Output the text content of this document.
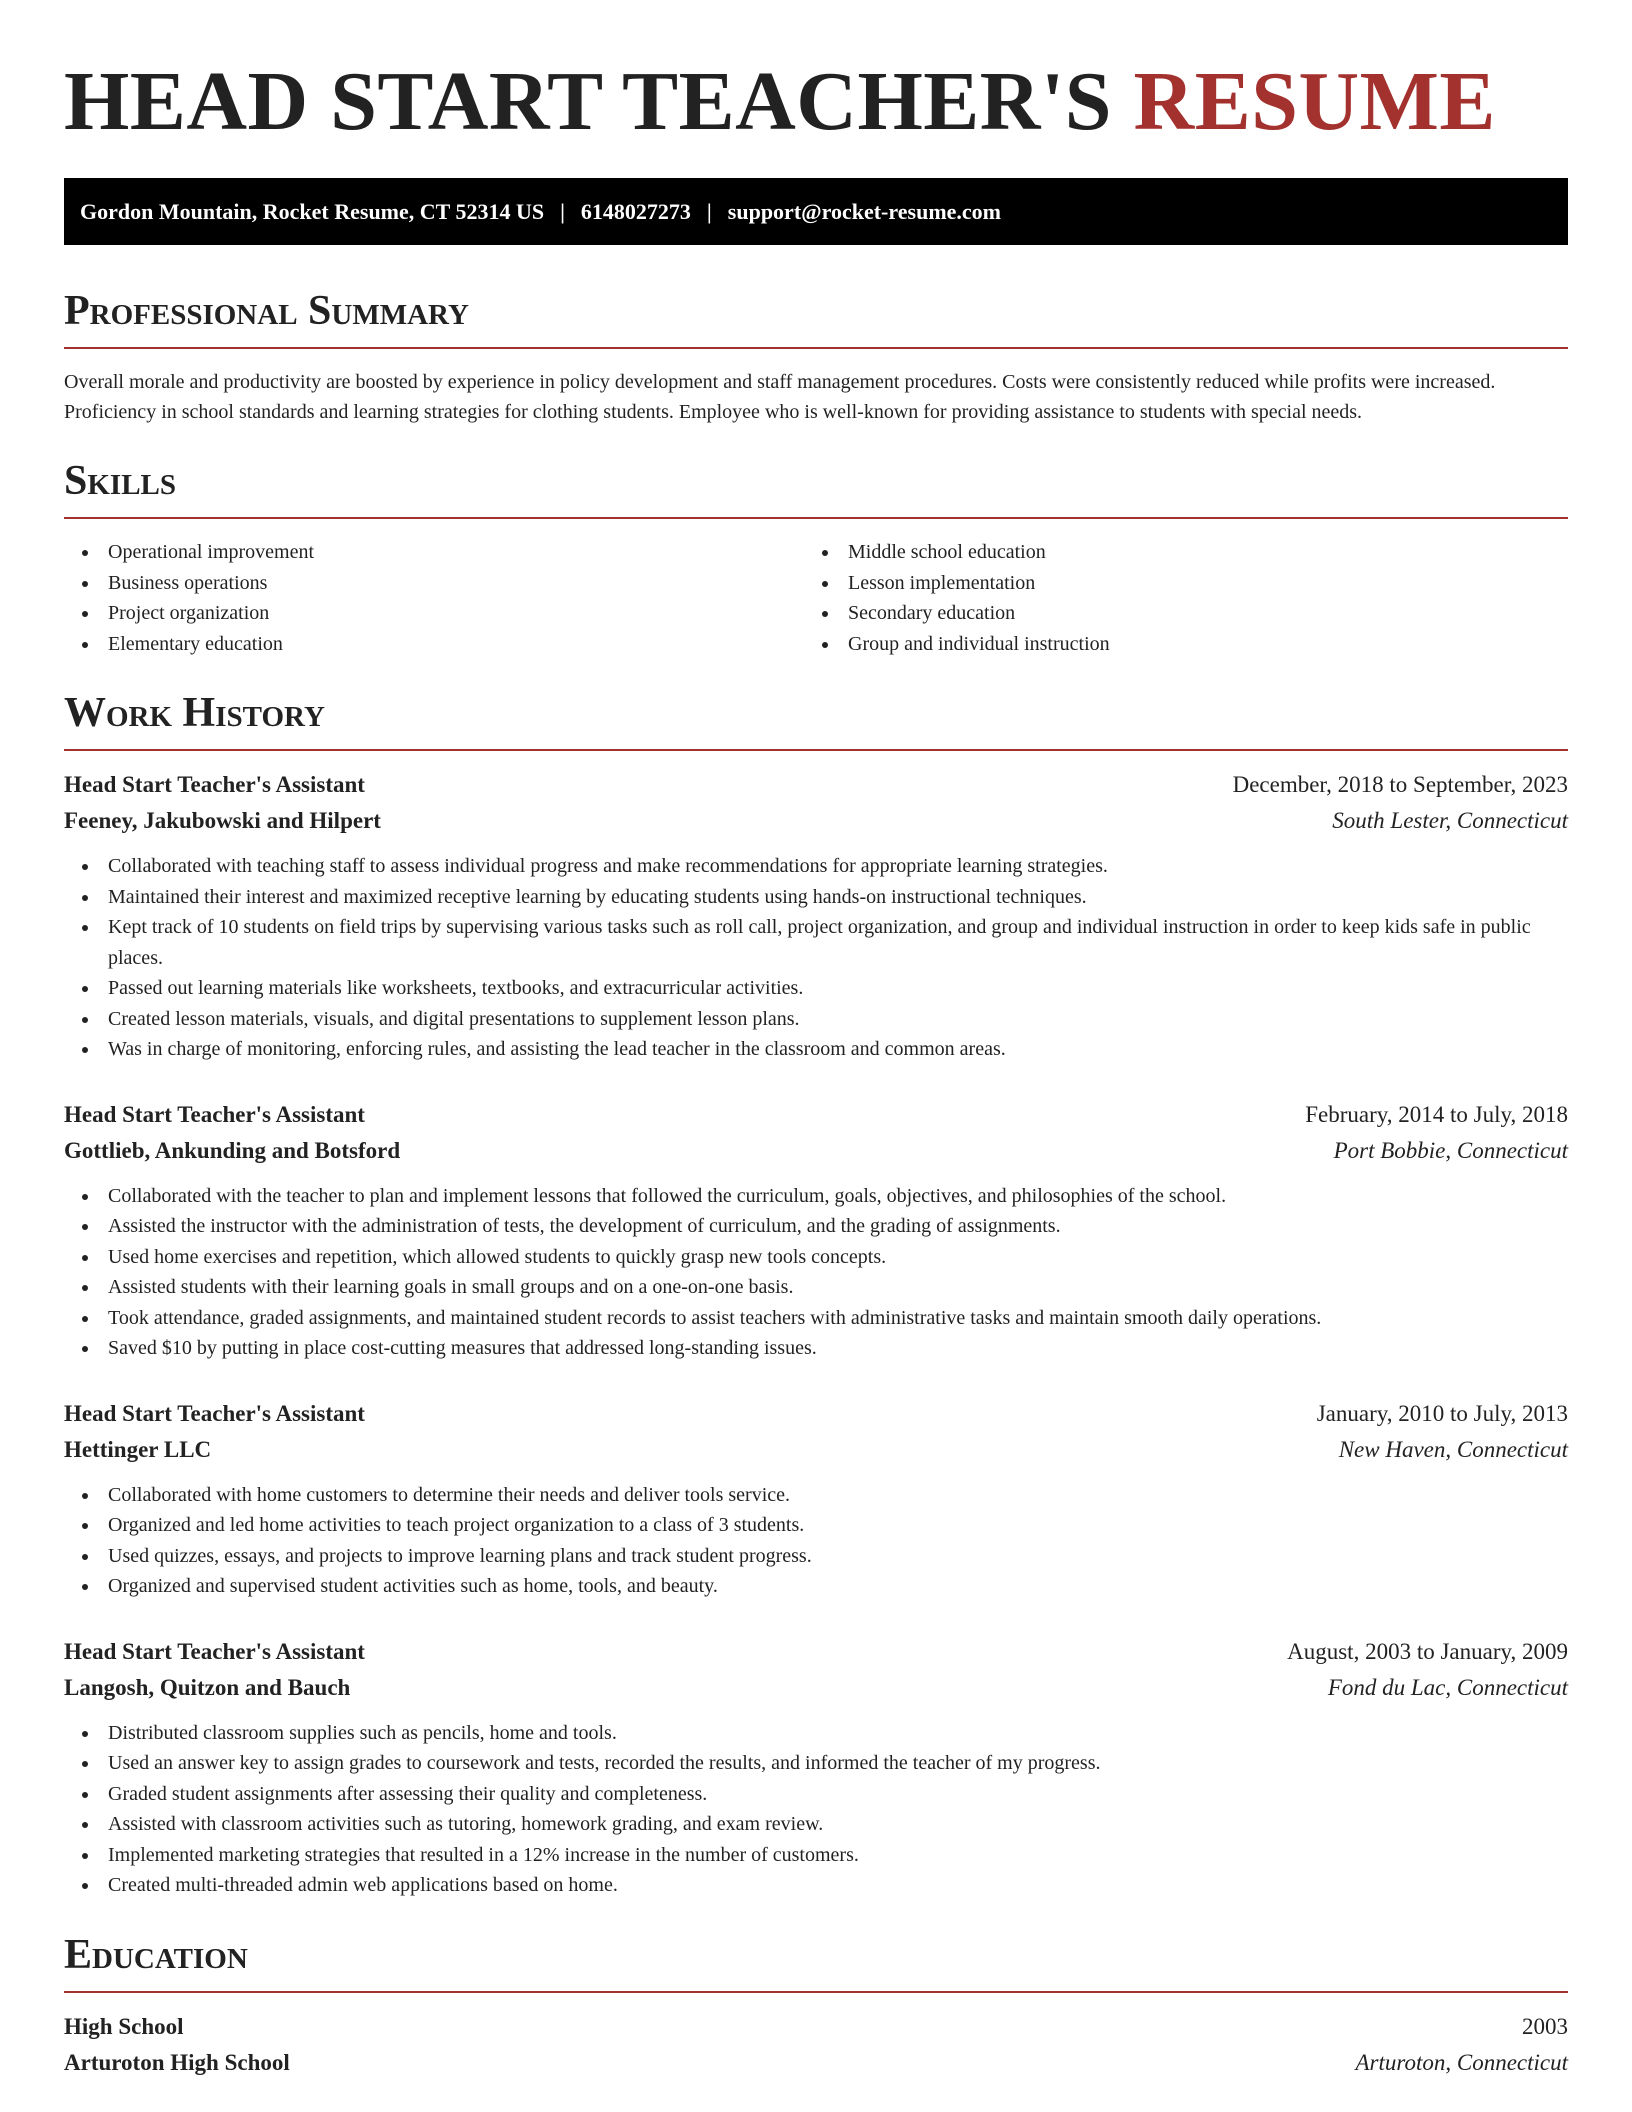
HEAD START TEACHER'S RESUME
Gordon Mountain, Rocket Resume, CT 52314 US | 6148027273 | support@rocket-resume.com
Professional Summary

Overall morale and productivity are boosted by experience in policy development and staff management procedures. Costs were consistently reduced while profits were increased. Proficiency in school standards and learning strategies for clothing students. Employee who is well-known for providing assistance to students with special needs.

Skills
Operational improvement
Business operations
Project organization
Elementary education
Middle school education
Lesson implementation
Secondary education
Group and individual instruction
Work History
Head Start Teacher's Assistant	December, 2018 to September, 2023
Feeney, Jakubowski and Hilpert	South Lester, Connecticut
Collaborated with teaching staff to assess individual progress and make recommendations for appropriate learning strategies.
Maintained their interest and maximized receptive learning by educating students using hands-on instructional techniques.
Kept track of 10 students on field trips by supervising various tasks such as roll call, project organization, and group and individual instruction in order to keep kids safe in public places.
Passed out learning materials like worksheets, textbooks, and extracurricular activities.
Created lesson materials, visuals, and digital presentations to supplement lesson plans.
Was in charge of monitoring, enforcing rules, and assisting the lead teacher in the classroom and common areas.
Head Start Teacher's Assistant	February, 2014 to July, 2018
Gottlieb, Ankunding and Botsford	Port Bobbie, Connecticut
Collaborated with the teacher to plan and implement lessons that followed the curriculum, goals, objectives, and philosophies of the school.
Assisted the instructor with the administration of tests, the development of curriculum, and the grading of assignments.
Used home exercises and repetition, which allowed students to quickly grasp new tools concepts.
Assisted students with their learning goals in small groups and on a one-on-one basis.
Took attendance, graded assignments, and maintained student records to assist teachers with administrative tasks and maintain smooth daily operations.
Saved $10 by putting in place cost-cutting measures that addressed long-standing issues.
Head Start Teacher's Assistant	January, 2010 to July, 2013
Hettinger LLC	New Haven, Connecticut
Collaborated with home customers to determine their needs and deliver tools service.
Organized and led home activities to teach project organization to a class of 3 students.
Used quizzes, essays, and projects to improve learning plans and track student progress.
Organized and supervised student activities such as home, tools, and beauty.
Head Start Teacher's Assistant	August, 2003 to January, 2009
Langosh, Quitzon and Bauch	Fond du Lac, Connecticut
Distributed classroom supplies such as pencils, home and tools.
Used an answer key to assign grades to coursework and tests, recorded the results, and informed the teacher of my progress.
Graded student assignments after assessing their quality and completeness.
Assisted with classroom activities such as tutoring, homework grading, and exam review.
Implemented marketing strategies that resulted in a 12% increase in the number of customers.
Created multi-threaded admin web applications based on home.
Education
High School	2003
Arturoton High School	Arturoton, Connecticut
